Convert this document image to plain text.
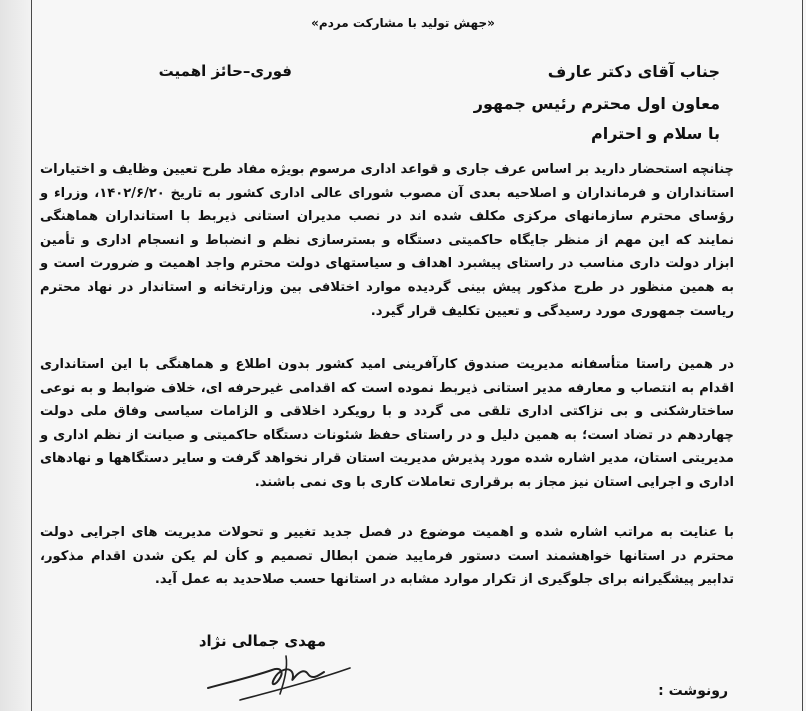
«جهش تولید با مشارکت مردم»
جناب آقای دکتر عارف
فوری–حائز اهمیت
معاون اول محترم رئیس جمهور
با سلام و احترام
چنانچه استحضار دارید بر اساس عرف جاری و قواعد اداری مرسوم بویژه مفاد طرح تعیین وظایف و اختیارات استانداران و فرمانداران و اصلاحیه بعدی آن مصوب شورای عالی اداری کشور به تاریخ ۱۴۰۲/۶/۲۰، وزراء و رؤسای محترم سازمانهای مرکزی مکلف شده اند در نصب مدیران استانی ذیربط با استانداران هماهنگی نمایند که این مهم از منظر جایگاه حاکمیتی دستگاه و بسترسازی نظم و انضباط و انسجام اداری و تأمین ابزار دولت داری مناسب در راستای پیشبرد اهداف و سیاستهای دولت محترم واجد اهمیت و ضرورت است و به همین منظور در طرح مذکور پیش بینی گردیده موارد اختلافی بین وزارتخانه و استاندار در نهاد محترم ریاست جمهوری مورد رسیدگی و تعیین تکلیف قرار گیرد.
در همین راستا متأسفانه مدیریت صندوق کارآفرینی امید کشور بدون اطلاع و هماهنگی با این استانداری اقدام به انتصاب و معارفه مدیر استانی ذیربط نموده است که اقدامی غیرحرفه ای، خلاف ضوابط و به نوعی ساختارشکنی و بی نزاکتی اداری تلقی می گردد و با رویکرد اخلاقی و الزامات سیاسی وفاق ملی دولت چهاردهم در تضاد است؛ به همین دلیل و در راستای حفظ شئونات دستگاه حاکمیتی و صیانت از نظم اداری و مدیریتی استان، مدیر اشاره شده مورد پذیرش مدیریت استان قرار نخواهد گرفت و سایر دستگاهها و نهادهای اداری و اجرایی استان نیز مجاز به برقراری تعاملات کاری با وی نمی باشند.
با عنایت به مراتب اشاره شده و اهمیت موضوع در فصل جدید تغییر و تحولات مدیریت های اجرایی دولت محترم در استانها خواهشمند است دستور فرمایید ضمن ابطال تصمیم و کأن لم یکن شدن اقدام مذکور، تدابیر پیشگیرانه برای جلوگیری از تکرار موارد مشابه در استانها حسب صلاحدید به عمل آید.
مهدی جمالی نژاد
رونوشت :
